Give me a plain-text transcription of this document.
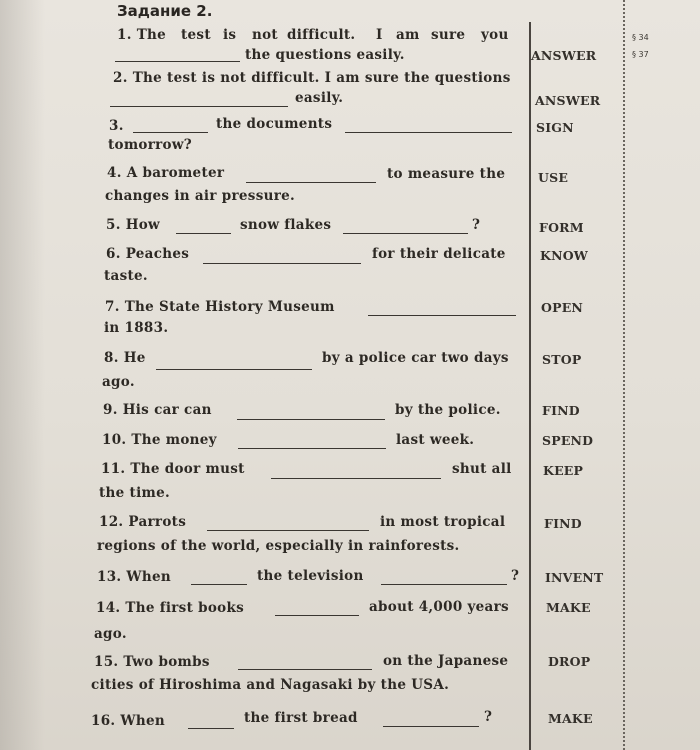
Задание 2.
§ 34
§ 37
1. The test is not difficult. I am sure you
the questions easily.	ANSWER
2. The test is not difficult. I am sure the questions
easily.	ANSWER
3.	the documents
tomorrow?
SIGN
4. A barometer	to measure the
changes in air pressure.
USE
5. How	snow flakes	?	FORM
6. Peaches	for their delicate
taste.
KNOW
7. The State History Museum
in 1883.
OPEN
8. He	by a police car two days
ago.
STOP
9. His car can	by the police.	FIND
10. The money	last week.	SPEND
11. The door must	shut all
the time.
KEEP
12. Parrots	in most tropical
regions of the world, especially in rainforests.
FIND
13. When	the television	? INVENT
14. The first books	about 4,000 years
ago.
MAKE
15. Two bombs	on the Japanese
cities of Hiroshima and Nagasaki by the USA.
DROP
16. When	the first bread	?	MAKE
